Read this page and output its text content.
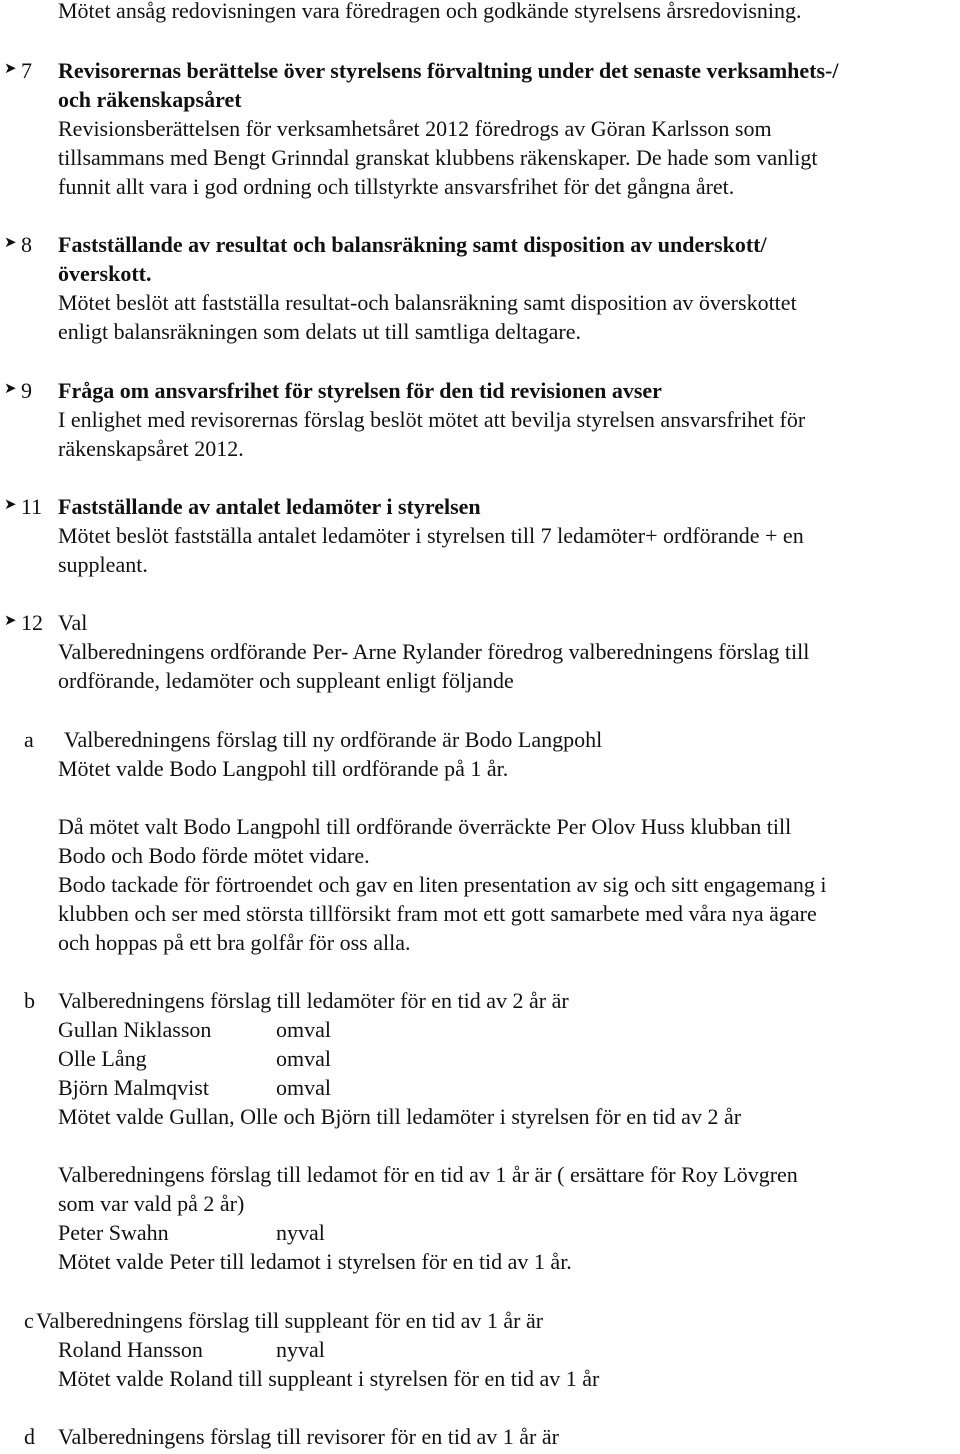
Mötet ansåg redovisningen vara föredragen och godkände styrelsens årsredovisning.
➤ 7 Revisorernas berättelse över styrelsens förvaltning under det senaste verksamhets-/
och räkenskapsåret
Revisionsberättelsen för verksamhetsåret 2012 föredrogs av Göran Karlsson som
tillsammans med Bengt Grinndal granskat klubbens räkenskaper. De hade som vanligt
funnit allt vara i god ordning och tillstyrkte ansvarsfrihet för det gångna året.
➤ 8 Fastställande av resultat och balansräkning samt disposition av underskott/
överskott.
Mötet beslöt att fastställa resultat-och balansräkning samt disposition av överskottet
enligt balansräkningen som delats ut till samtliga deltagare.
➤ 9 Fråga om ansvarsfrihet för styrelsen för den tid revisionen avser
I enlighet med revisorernas förslag beslöt mötet att bevilja styrelsen ansvarsfrihet för
räkenskapsåret 2012.
➤ 11 Fastställande av antalet ledamöter i styrelsen
Mötet beslöt fastställa antalet ledamöter i styrelsen till 7 ledamöter+ ordförande + en
suppleant.
➤ 12 Val
Valberedningens ordförande Per- Arne Rylander föredrog valberedningens förslag till
ordförande, ledamöter och suppleant enligt följande
a Valberedningens förslag till ny ordförande är Bodo Langpohl
Mötet valde Bodo Langpohl till ordförande på 1 år.
Då mötet valt Bodo Langpohl till ordförande överräckte Per Olov Huss klubban till
Bodo och Bodo förde mötet vidare.
Bodo tackade för förtroendet och gav en liten presentation av sig och sitt engagemang i
klubben och ser med största tillförsikt fram mot ett gott samarbete med våra nya ägare
och hoppas på ett bra golfår för oss alla.
b Valberedningens förslag till ledamöter för en tid av 2 år är
Gullan Niklasson	omval
Olle Lång	omval
Björn Malmqvist	omval
Mötet valde Gullan, Olle och Björn till ledamöter i styrelsen för en tid av 2 år
Valberedningens förslag till ledamot för en tid av 1 år är ( ersättare för Roy Lövgren
som var vald på 2 år)
Peter Swahn	nyval
Mötet valde Peter till ledamot i styrelsen för en tid av 1 år.
c Valberedningens förslag till suppleant för en tid av 1 år är
Roland Hansson	nyval
Mötet valde Roland till suppleant i styrelsen för en tid av 1 år
d Valberedningens förslag till revisorer för en tid av 1 år är
